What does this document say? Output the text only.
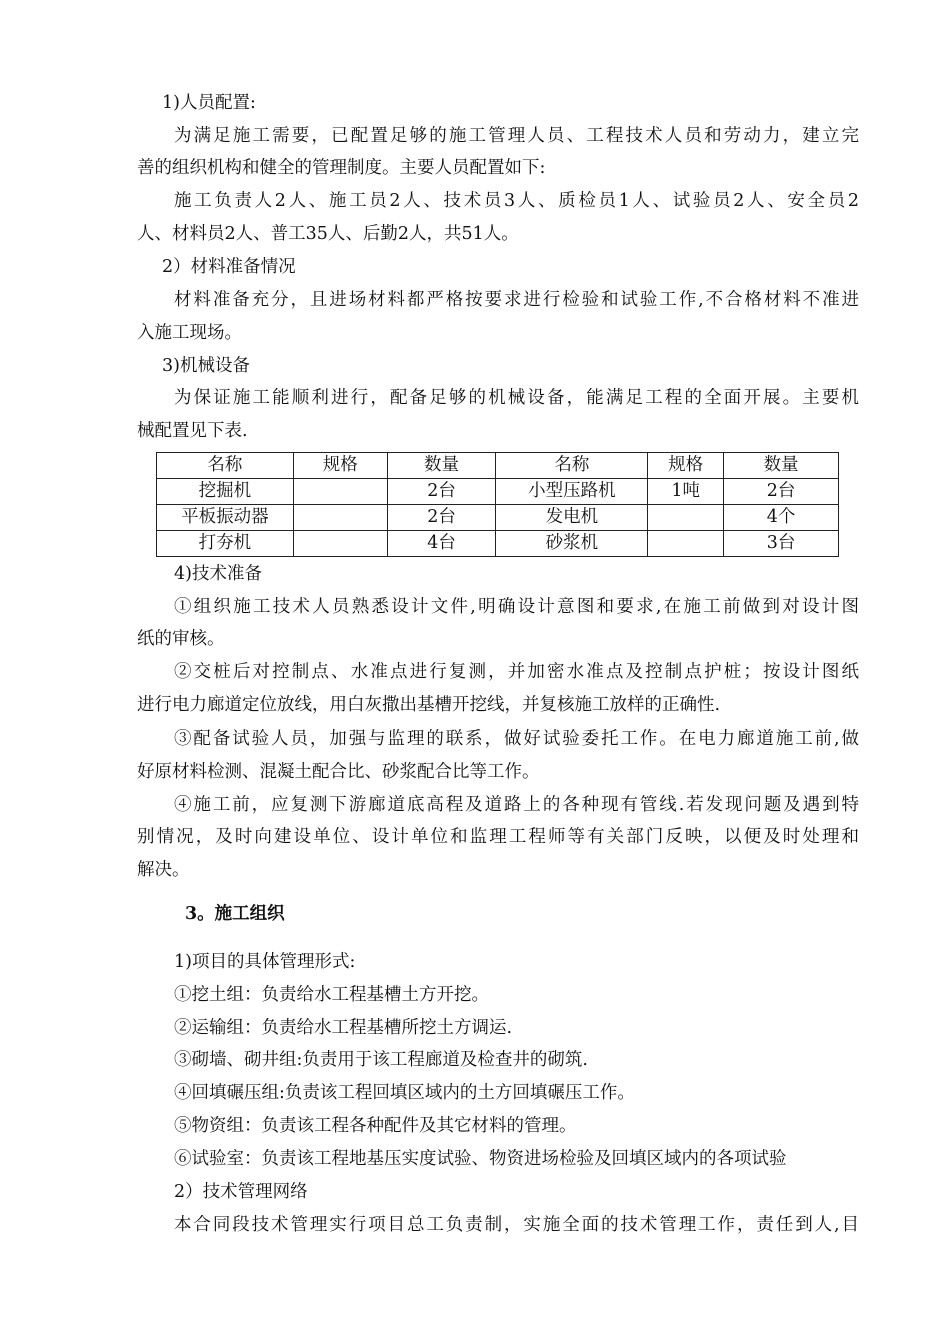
1)人员配置:
为满足施工需要，已配置足够的施工管理人员、工程技术人员和劳动力，建立完
善的组织机构和健全的管理制度。主要人员配置如下:
施工负责人2人、施工员2人、技术员3人、质检员1人、试验员2人、安全员2
人、材料员2人、普工35人、后勤2人，共51人。
2）材料准备情况
材料准备充分，且进场材料都严格按要求进行检验和试验工作,不合格材料不准进
入施工现场。
3)机械设备
为保证施工能顺利进行，配备足够的机械设备，能满足工程的全面开展。主要机
械配置见下表.
名称	规格	数量	名称	规格	数量
挖掘机		2台	小型压路机	1吨	2台
平板振动器		2台	发电机		4个
打夯机		4台	砂浆机		3台
4)技术准备
①组织施工技术人员熟悉设计文件,明确设计意图和要求,在施工前做到对设计图
纸的审核。
②交桩后对控制点、水准点进行复测，并加密水准点及控制点护桩；按设计图纸
进行电力廊道定位放线，用白灰撒出基槽开挖线，并复核施工放样的正确性.
③配备试验人员，加强与监理的联系，做好试验委托工作。在电力廊道施工前,做
好原材料检测、混凝土配合比、砂浆配合比等工作。
④施工前，应复测下游廊道底高程及道路上的各种现有管线.若发现问题及遇到特
别情况，及时向建设单位、设计单位和监理工程师等有关部门反映，以便及时处理和
解决。
3。施工组织
1)项目的具体管理形式:
①挖土组：负责给水工程基槽土方开挖。
②运输组：负责给水工程基槽所挖土方调运.
③砌墙、砌井组:负责用于该工程廊道及检查井的砌筑.
④回填碾压组:负责该工程回填区域内的土方回填碾压工作。
⑤物资组：负责该工程各种配件及其它材料的管理。
⑥试验室：负责该工程地基压实度试验、物资进场检验及回填区域内的各项试验
2）技术管理网络
本合同段技术管理实行项目总工负责制，实施全面的技术管理工作，责任到人,目
